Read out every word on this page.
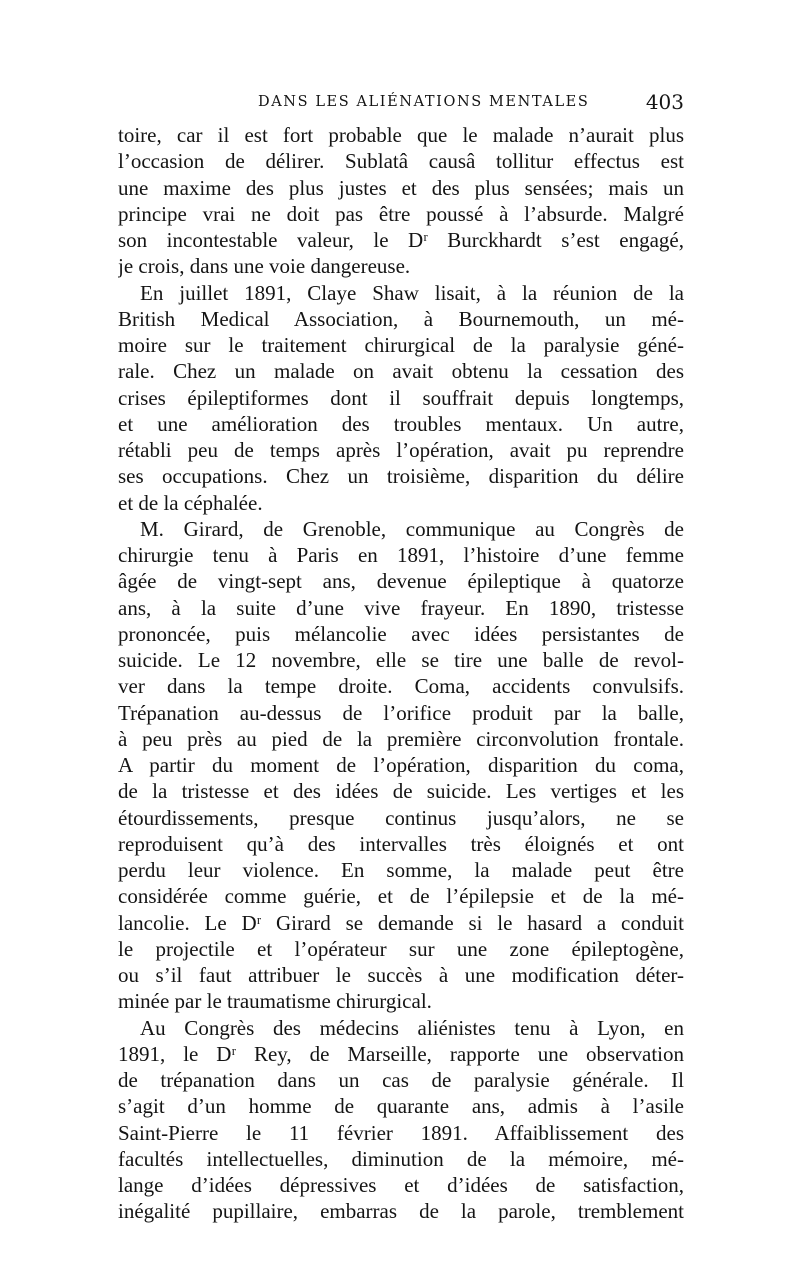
DANS LES ALIÉNATIONS MENTALES	403
toire, car il est fort probable que le malade n’aurait plus
l’occasion de délirer. Sublatâ causâ tollitur effectus est
une maxime des plus justes et des plus sensées; mais un
principe vrai ne doit pas être poussé à l’absurde. Malgré
son incontestable valeur, le Dʳ Burckhardt s’est engagé,
je crois, dans une voie dangereuse.
En juillet 1891, Claye Shaw lisait, à la réunion de la
British Medical Association, à Bournemouth, un mé-
moire sur le traitement chirurgical de la paralysie géné-
rale. Chez un malade on avait obtenu la cessation des
crises épileptiformes dont il souffrait depuis longtemps,
et une amélioration des troubles mentaux. Un autre,
rétabli peu de temps après l’opération, avait pu reprendre
ses occupations. Chez un troisième, disparition du délire
et de la céphalée.
M. Girard, de Grenoble, communique au Congrès de
chirurgie tenu à Paris en 1891, l’histoire d’une femme
âgée de vingt-sept ans, devenue épileptique à quatorze
ans, à la suite d’une vive frayeur. En 1890, tristesse
prononcée, puis mélancolie avec idées persistantes de
suicide. Le 12 novembre, elle se tire une balle de revol-
ver dans la tempe droite. Coma, accidents convulsifs.
Trépanation au-dessus de l’orifice produit par la balle,
à peu près au pied de la première circonvolution frontale.
A partir du moment de l’opération, disparition du coma,
de la tristesse et des idées de suicide. Les vertiges et les
étourdissements, presque continus jusqu’alors, ne se
reproduisent qu’à des intervalles très éloignés et ont
perdu leur violence. En somme, la malade peut être
considérée comme guérie, et de l’épilepsie et de la mé-
lancolie. Le Dʳ Girard se demande si le hasard a conduit
le projectile et l’opérateur sur une zone épileptogène,
ou s’il faut attribuer le succès à une modification déter-
minée par le traumatisme chirurgical.
Au Congrès des médecins aliénistes tenu à Lyon, en
1891, le Dʳ Rey, de Marseille, rapporte une observation
de trépanation dans un cas de paralysie générale. Il
s’agit d’un homme de quarante ans, admis à l’asile
Saint-Pierre le 11 février 1891. Affaiblissement des
facultés intellectuelles, diminution de la mémoire, mé-
lange d’idées dépressives et d’idées de satisfaction,
inégalité pupillaire, embarras de la parole, tremblement
